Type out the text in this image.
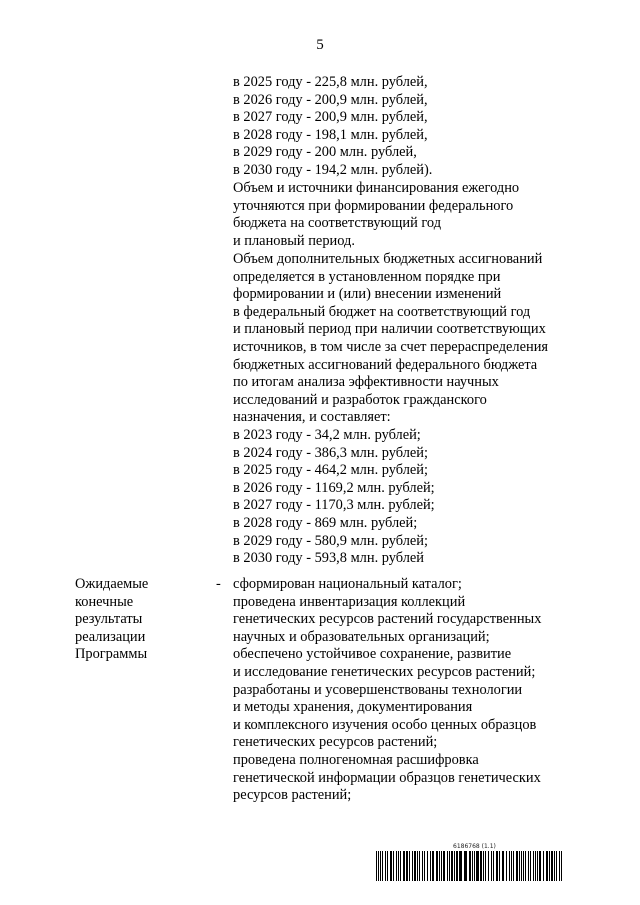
5
в 2025 году - 225,8 млн. рублей,
в 2026 году - 200,9 млн. рублей,
в 2027 году - 200,9 млн. рублей,
в 2028 году - 198,1 млн. рублей,
в 2029 году - 200 млн. рублей,
в 2030 году - 194,2 млн. рублей).
Объем и источники финансирования ежегодно
уточняются при формировании федерального
бюджета на соответствующий год
и плановый период.
Объем дополнительных бюджетных ассигнований
определяется в установленном порядке при
формировании и (или) внесении изменений
в федеральный бюджет на соответствующий год
и плановый период при наличии соответствующих
источников, в том числе за счет перераспределения
бюджетных ассигнований федерального бюджета
по итогам анализа эффективности научных
исследований и разработок гражданского
назначения, и составляет:
в 2023 году - 34,2 млн. рублей;
в 2024 году - 386,3 млн. рублей;
в 2025 году - 464,2 млн. рублей;
в 2026 году - 1169,2 млн. рублей;
в 2027 году - 1170,3 млн. рублей;
в 2028 году - 869 млн. рублей;
в 2029 году - 580,9 млн. рублей;
в 2030 году - 593,8 млн. рублей
Ожидаемые
конечные
результаты
реализации
Программы
- сформирован национальный каталог;
проведена инвентаризация коллекций
генетических ресурсов растений государственных
научных и образовательных организаций;
обеспечено устойчивое сохранение, развитие
и исследование генетических ресурсов растений;
разработаны и усовершенствованы технологии
и методы хранения, документирования
и комплексного изучения особо ценных образцов
генетических ресурсов растений;
проведена полногеномная расшифровка
генетической информации образцов генетических
ресурсов растений;
6186768 (1.1)
